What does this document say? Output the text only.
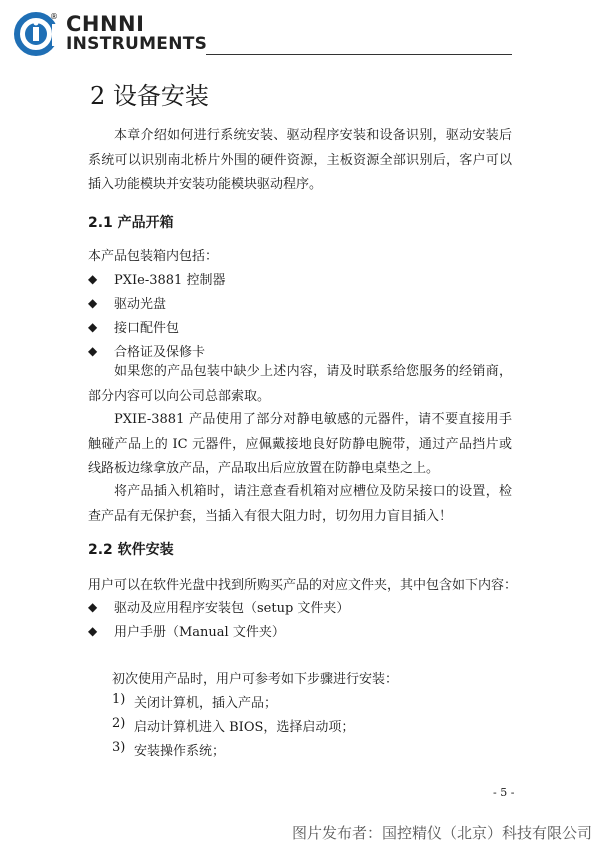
® CHNNI
INSTRUMENTS
2 设备安装

本章介绍如何进行系统安装、驱动程序安装和设备识别，驱动安装后系统可以识别南北桥片外围的硬件资源，主板资源全部识别后，客户可以插入功能模块并安装功能模块驱动程序。

2.1 产品开箱
本产品包装箱内包括：
◆	PXIe-3881 控制器
◆	驱动光盘
◆	接口配件包
◆	合格证及保修卡

如果您的产品包装中缺少上述内容，请及时联系给您服务的经销商，部分内容可以向公司总部索取。

PXIE-3881 产品使用了部分对静电敏感的元器件，请不要直接用手触碰产品上的 IC 元器件，应佩戴接地良好防静电腕带，通过产品挡片或线路板边缘拿放产品，产品取出后应放置在防静电桌垫之上。

将产品插入机箱时，请注意查看机箱对应槽位及防呆接口的设置，检查产品有无保护套，当插入有很大阻力时，切勿用力盲目插入！

2.2 软件安装
用户可以在软件光盘中找到所购买产品的对应文件夹，其中包含如下内容：
◆	驱动及应用程序安装包（setup 文件夹）
◆	用户手册（Manual 文件夹）
初次使用产品时，用户可参考如下步骤进行安装：
1) 关闭计算机，插入产品；
2) 启动计算机进入 BIOS，选择启动项；
3) 安装操作系统；
- 5 -
图片发布者：国控精仪（北京）科技有限公司
